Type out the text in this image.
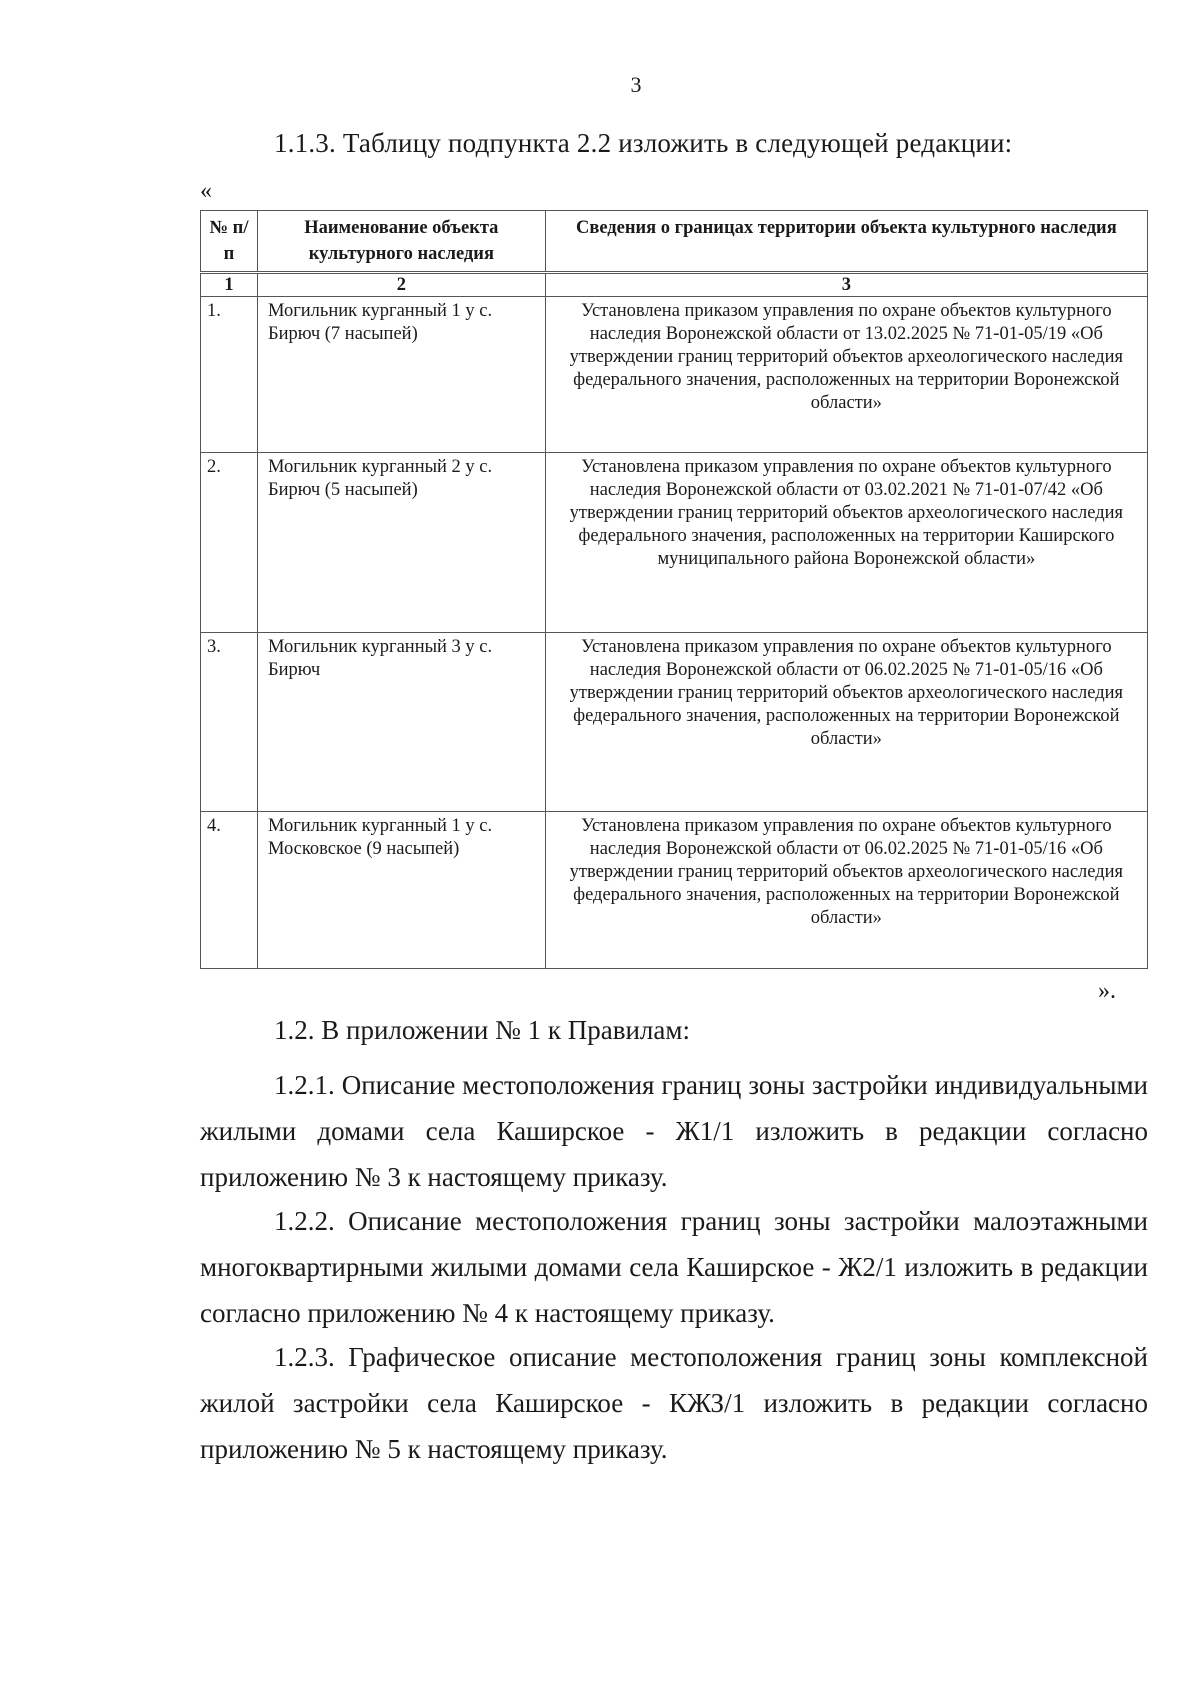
3
1.1.3. Таблицу подпункта 2.2 изложить в следующей редакции:
«
№ п/п	Наименование объекта культурного наследия	Сведения о границах территории объекта культурного наследия
1	2	3
1.	Могильник курганный 1 у с. Бирюч (7 насыпей)	Установлена приказом управления по охране объектов культурного наследия Воронежской области от 13.02.2025 № 71-01-05/19 «Об утверждении границ территорий объектов археологического наследия федерального значения, расположенных на территории Воронежской области»
2.	Могильник курганный 2 у с. Бирюч (5 насыпей)	Установлена приказом управления по охране объектов культурного наследия Воронежской области от 03.02.2021 № 71-01-07/42 «Об утверждении границ территорий объектов археологического наследия федерального значения, расположенных на территории Каширского муниципального района Воронежской области»
3.	Могильник курганный 3 у с. Бирюч	Установлена приказом управления по охране объектов культурного наследия Воронежской области от 06.02.2025 № 71-01-05/16 «Об утверждении границ территорий объектов археологического наследия федерального значения, расположенных на территории Воронежской области»
4.	Могильник курганный 1 у с. Московское (9 насыпей)	Установлена приказом управления по охране объектов культурного наследия Воронежской области от 06.02.2025 № 71-01-05/16 «Об утверждении границ территорий объектов археологического наследия федерального значения, расположенных на территории Воронежской области»
».
1.2. В приложении № 1 к Правилам:

1.2.1. Описание местоположения границ зоны застройки индивидуальными жилыми домами села Каширское - Ж1/1 изложить в редакции согласно приложению № 3 к настоящему приказу.

1.2.2. Описание местоположения границ зоны застройки малоэтажными многоквартирными жилыми домами села Каширское - Ж2/1 изложить в редакции согласно приложению № 4 к настоящему приказу.

1.2.3. Графическое описание местоположения границ зоны комплексной жилой застройки села Каширское - КЖЗ/1 изложить в редакции согласно приложению № 5 к настоящему приказу.
